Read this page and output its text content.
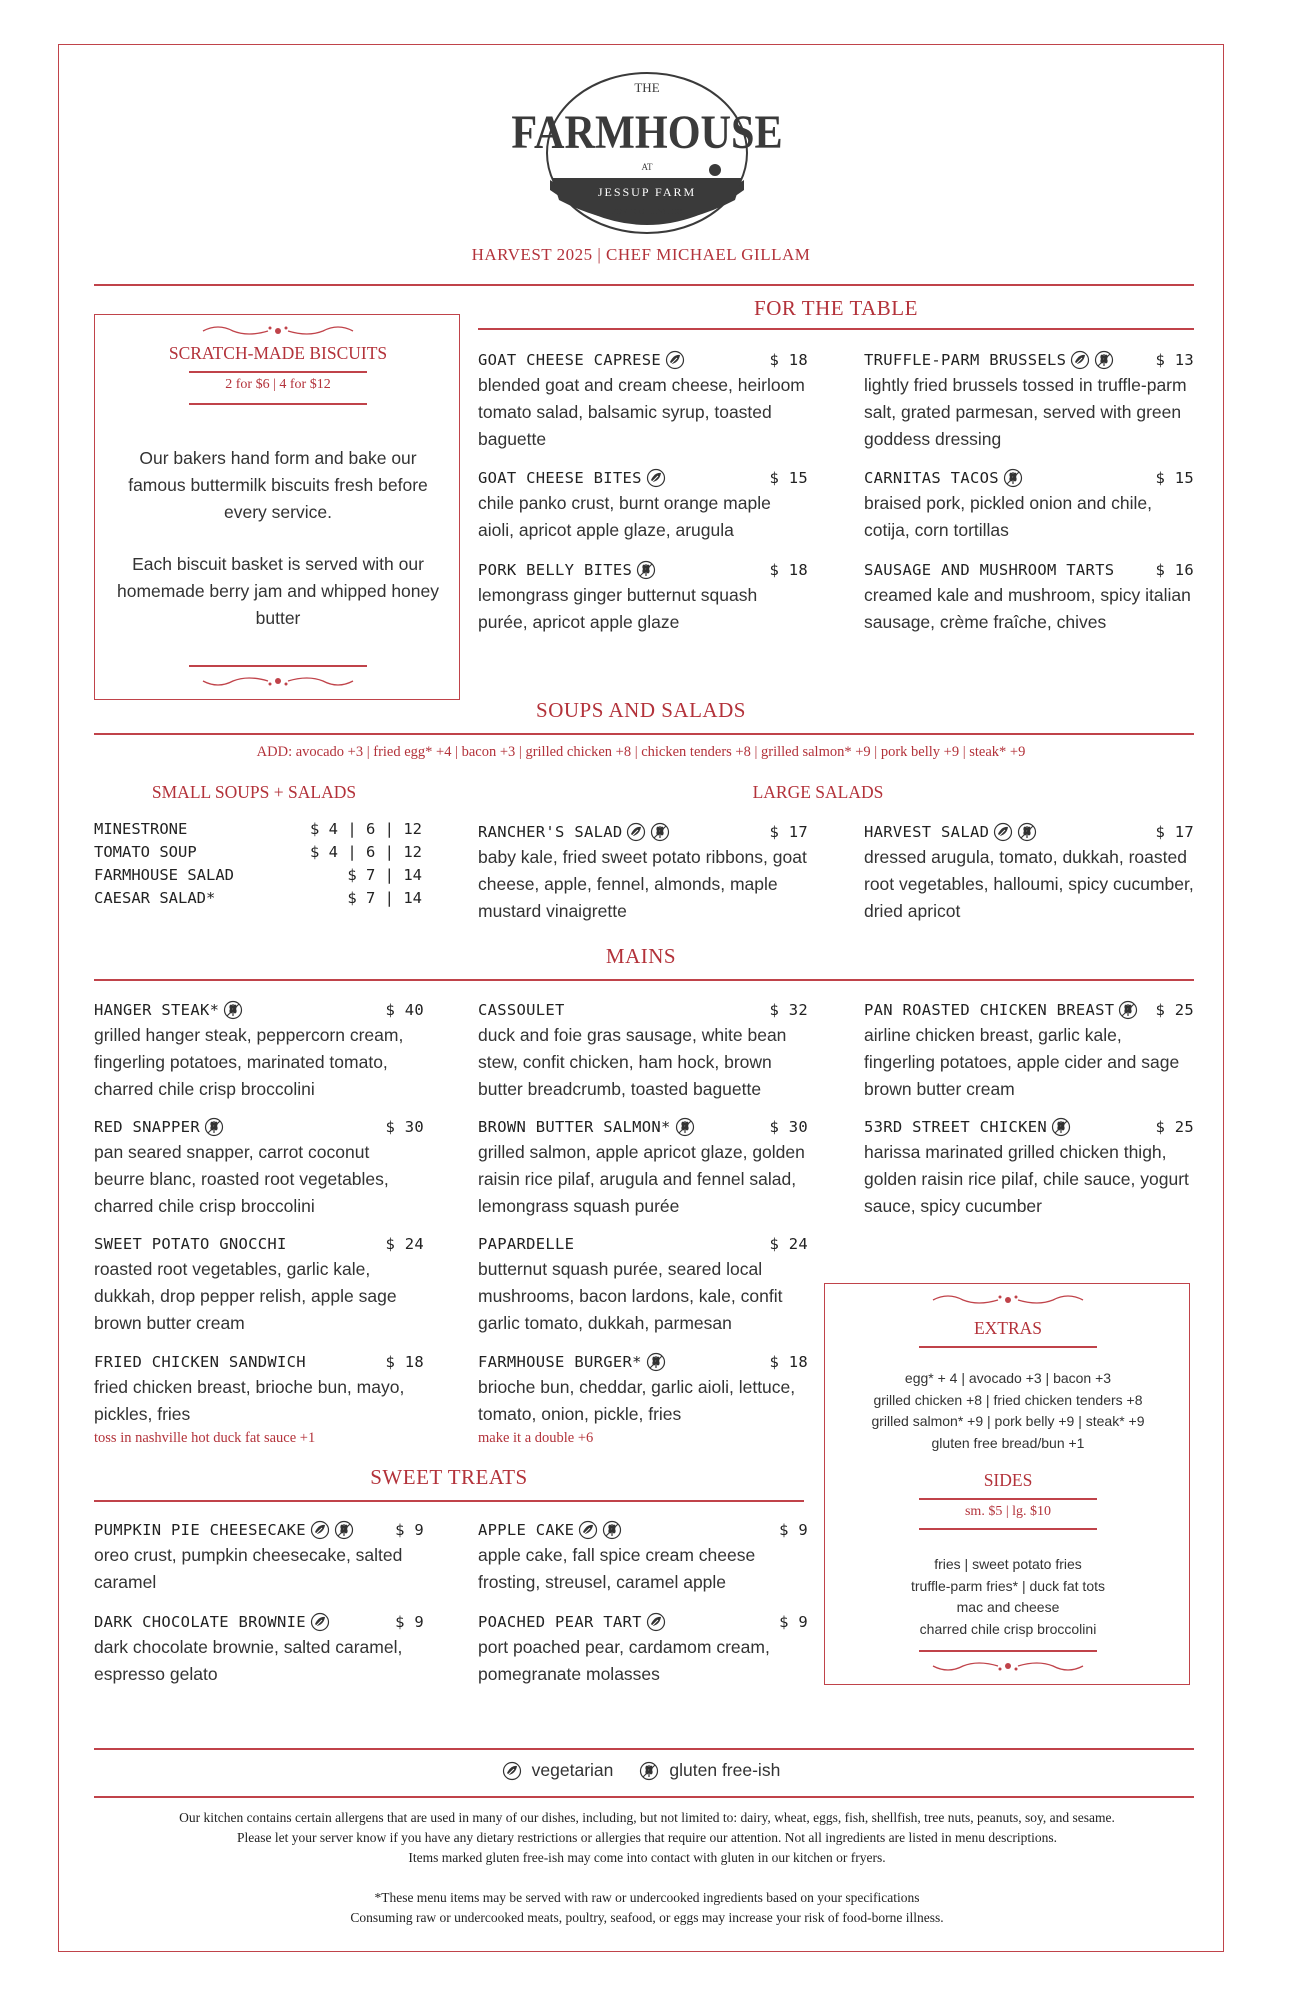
THE
FARMHOUSE
AT
JESSUP FARM
FORT COLLINS, CO
HARVEST 2025 | CHEF MICHAEL GILLAM
SCRATCH-MADE BISCUITS
2 for $6 | 4 for $12
Our bakers hand form and bake our famous buttermilk biscuits fresh before every service.
Each biscuit basket is served with our homemade berry jam and whipped honey butter
FOR THE TABLE
GOAT CHEESE CAPRESE	$ 18
blended goat and cream cheese, heirloom tomato salad, balsamic syrup, toasted baguette
TRUFFLE-PARM BRUSSELS	$ 13
lightly fried brussels tossed in truffle-parm salt, grated parmesan, served with green goddess dressing
GOAT CHEESE BITES	$ 15
chile panko crust, burnt orange maple aioli, apricot apple glaze, arugula
CARNITAS TACOS	$ 15
braised pork, pickled onion and chile, cotija, corn tortillas
PORK BELLY BITES	$ 18
lemongrass ginger butternut squash purée, apricot apple glaze
SAUSAGE AND MUSHROOM TARTS	$ 16
creamed kale and mushroom, spicy italian sausage, crème fraîche, chives
SOUPS AND SALADS
ADD: avocado +3 | fried egg* +4 | bacon +3 | grilled chicken +8 | chicken tenders +8 | grilled salmon* +9 | pork belly +9 | steak* +9
SMALL SOUPS + SALADS	LARGE SALADS
MINESTRONE	$ 4 | 6 | 12
TOMATO SOUP	$ 4 | 6 | 12
FARMHOUSE SALAD	$ 7 | 14
CAESAR SALAD*	$ 7 | 14
RANCHER'S SALAD	$ 17
baby kale, fried sweet potato ribbons, goat cheese, apple, fennel, almonds, maple mustard vinaigrette
HARVEST SALAD	$ 17
dressed arugula, tomato, dukkah, roasted root vegetables, halloumi, spicy cucumber, dried apricot
MAINS
HANGER STEAK*	$ 40
grilled hanger steak, peppercorn cream, fingerling potatoes, marinated tomato, charred chile crisp broccolini
CASSOULET	$ 32
duck and foie gras sausage, white bean stew, confit chicken, ham hock, brown butter breadcrumb, toasted baguette
PAN ROASTED CHICKEN BREAST	$ 25
airline chicken breast, garlic kale, fingerling potatoes, apple cider and sage brown butter cream
RED SNAPPER	$ 30
pan seared snapper, carrot coconut beurre blanc, roasted root vegetables, charred chile crisp broccolini
BROWN BUTTER SALMON*	$ 30
grilled salmon, apple apricot glaze, golden raisin rice pilaf, arugula and fennel salad, lemongrass squash purée
53RD STREET CHICKEN	$ 25
harissa marinated grilled chicken thigh, golden raisin rice pilaf, chile sauce, yogurt sauce, spicy cucumber
SWEET POTATO GNOCCHI	$ 24
roasted root vegetables, garlic kale, dukkah, drop pepper relish, apple sage brown butter cream
PAPARDELLE	$ 24
butternut squash purée, seared local mushrooms, bacon lardons, kale, confit garlic tomato, dukkah, parmesan
FRIED CHICKEN SANDWICH	$ 18
fried chicken breast, brioche bun, mayo, pickles, fries
toss in nashville hot duck fat sauce +1
FARMHOUSE BURGER*	$ 18
brioche bun, cheddar, garlic aioli, lettuce, tomato, onion, pickle, fries
make it a double +6
SWEET TREATS
PUMPKIN PIE CHEESECAKE	$ 9
oreo crust, pumpkin cheesecake, salted caramel
APPLE CAKE	$ 9
apple cake, fall spice cream cheese frosting, streusel, caramel apple
DARK CHOCOLATE BROWNIE	$ 9
dark chocolate brownie, salted caramel, espresso gelato
POACHED PEAR TART	$ 9
port poached pear, cardamom cream, pomegranate molasses
EXTRAS
egg* + 4 | avocado +3 | bacon +3
grilled chicken +8 | fried chicken tenders +8
grilled salmon* +9 | pork belly +9 | steak* +9
gluten free bread/bun +1
SIDES
sm. $5 | lg. $10
fries | sweet potato fries
truffle-parm fries* | duck fat tots
mac and cheese
charred chile crisp broccolini
vegetarian	gluten free-ish
Our kitchen contains certain allergens that are used in many of our dishes, including, but not limited to: dairy, wheat, eggs, fish, shellfish, tree nuts, peanuts, soy, and sesame.
Please let your server know if you have any dietary restrictions or allergies that require our attention. Not all ingredients are listed in menu descriptions.
Items marked gluten free-ish may come into contact with gluten in our kitchen or fryers.
*These menu items may be served with raw or undercooked ingredients based on your specifications
Consuming raw or undercooked meats, poultry, seafood, or eggs may increase your risk of food-borne illness.
